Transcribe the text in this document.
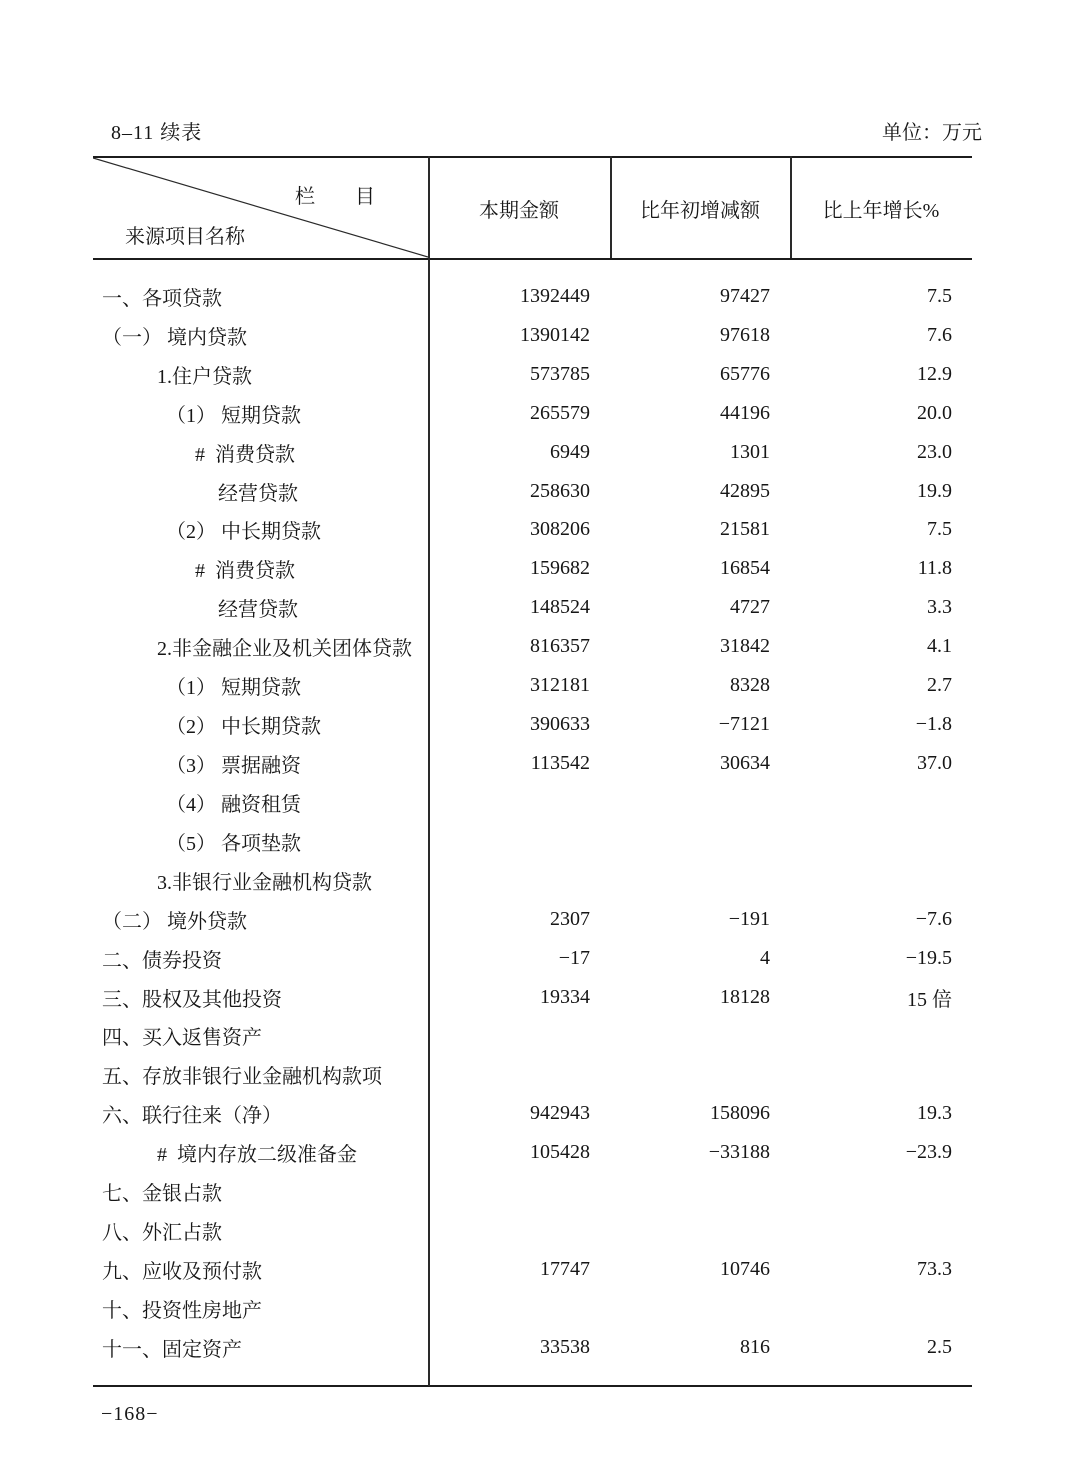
8–11 续表	单位：万元
栏　　目
来源项目名称
本期金额	比年初增减额	比上年增长%
一、各项贷款	1392449	97427	7.5
（一） 境内贷款	1390142	97618	7.6
1.住户贷款	573785	65776	12.9
（1） 短期贷款	265579	44196	20.0
#  消费贷款	6949	1301	23.0
经营贷款	258630	42895	19.9
（2） 中长期贷款	308206	21581	7.5
#  消费贷款	159682	16854	11.8
经营贷款	148524	4727	3.3
2.非金融企业及机关团体贷款	816357	31842	4.1
（1） 短期贷款	312181	8328	2.7
（2） 中长期贷款	390633	−7121	−1.8
（3） 票据融资	113542	30634	37.0
（4） 融资租赁
（5） 各项垫款
3.非银行业金融机构贷款
（二） 境外贷款	2307	−191	−7.6
二、债券投资	−17	4	−19.5
三、股权及其他投资	19334	18128	15 倍
四、买入返售资产
五、存放非银行业金融机构款项
六、联行往来（净）	942943	158096	19.3
#  境内存放二级准备金	105428	−33188	−23.9
七、金银占款
八、外汇占款
九、应收及预付款	17747	10746	73.3
十、投资性房地产
十一、固定资产	33538	816	2.5
−168−
